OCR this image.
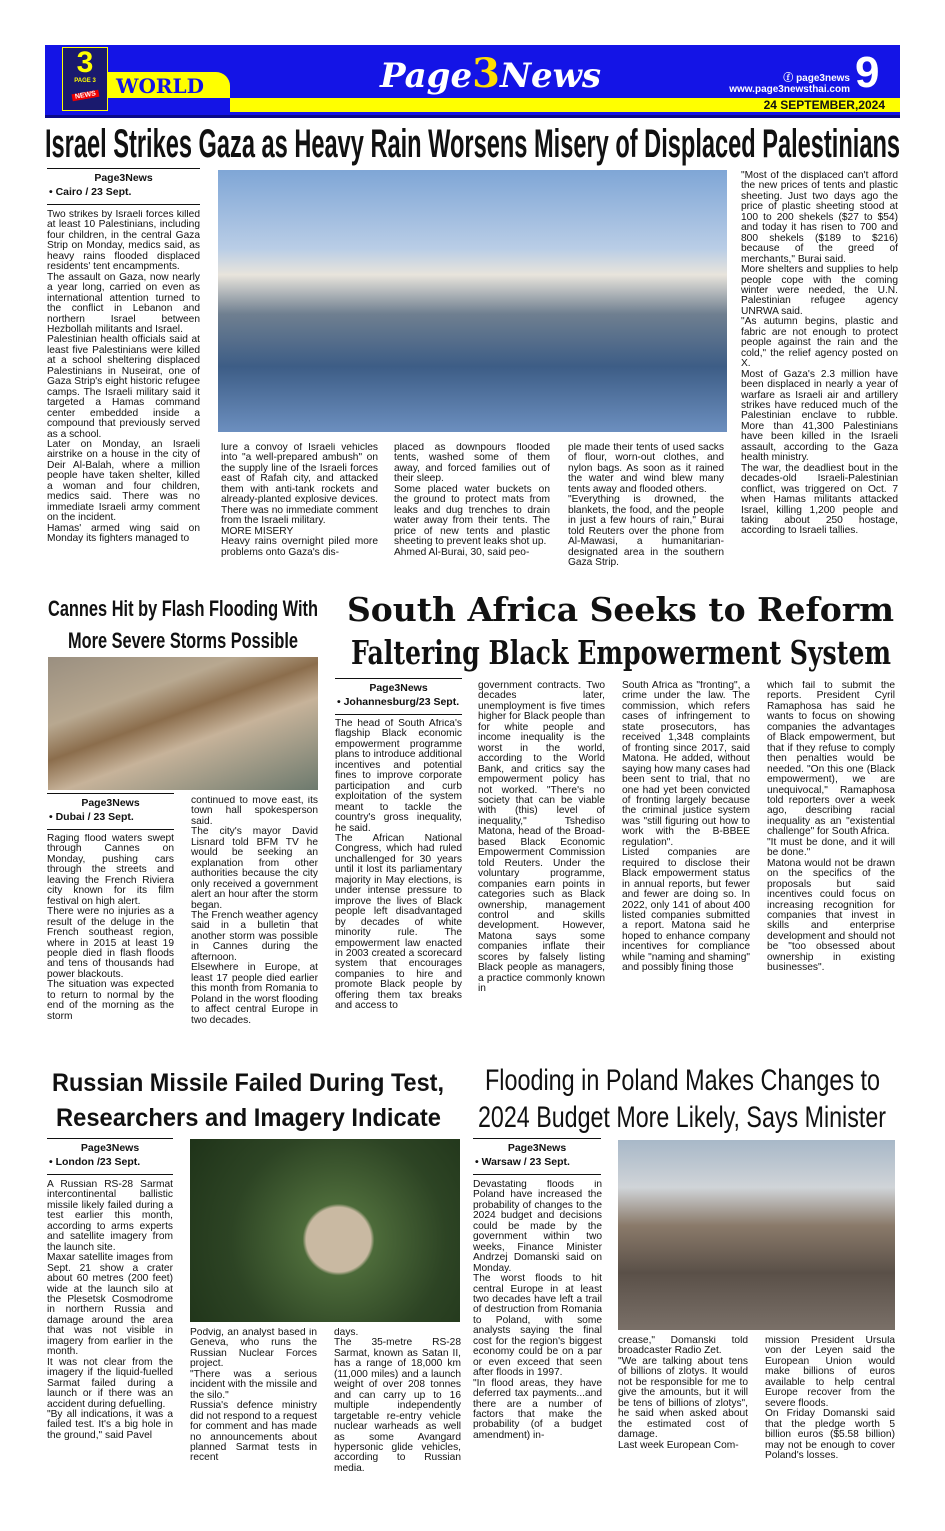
WORLD
3
PAGE 3
NEWS	Page3News	ⓕ page3news
www.page3newsthai.com 9
24 SEPTEMBER,2024
Israel Strikes Gaza as Heavy Rain Worsens Misery of Displaced Palestinians
Page3News
• Cairo / 23 Sept.

Two strikes by Israeli forces killed at least 10 Palestinians, including four children, in the central Gaza Strip on Monday, medics said, as heavy rains flooded displaced residents' tent encampments.

The assault on Gaza, now nearly a year long, carried on even as international attention turned to the conflict in Lebanon and northern Israel between Hezbollah militants and Israel.

Palestinian health officials said at least five Palestinians were killed at a school sheltering displaced Palestinians in Nuseirat, one of Gaza Strip's eight historic refugee camps. The Israeli military said it targeted a Hamas command center embedded inside a compound that previously served as a school.

Later on Monday, an Israeli airstrike on a house in the city of Deir Al-Balah, where a million people have taken shelter, killed a woman and four children, medics said. There was no immediate Israeli army comment on the incident.

Hamas' armed wing said on Monday its fighters managed to

lure a convoy of Israeli vehicles into "a well-prepared ambush" on the supply line of the Israeli forces east of Rafah city, and attacked them with anti-tank rockets and already-planted explosive devices. There was no immediate comment from the Israeli military.

MORE MISERY

Heavy rains overnight piled more problems onto Gaza's dis-

placed as downpours flooded tents, washed some of them away, and forced families out of their sleep.

Some placed water buckets on the ground to protect mats from leaks and dug trenches to drain water away from their tents. The price of new tents and plastic sheeting to prevent leaks shot up.

Ahmed Al-Burai, 30, said peo-

ple made their tents of used sacks of flour, worn-out clothes, and nylon bags. As soon as it rained the water and wind blew many tents away and flooded others.

"Everything is drowned, the blankets, the food, and the people in just a few hours of rain," Burai told Reuters over the phone from Al-Mawasi, a humanitarian-designated area in the southern Gaza Strip.

"Most of the displaced can't afford the new prices of tents and plastic sheeting. Just two days ago the price of plastic sheeting stood at 100 to 200 shekels ($27 to $54) and today it has risen to 700 and 800 shekels ($189 to $216) because of the greed of merchants," Burai said.

More shelters and supplies to help people cope with the coming winter were needed, the U.N. Palestinian refugee agency UNRWA said.

"As autumn begins, plastic and fabric are not enough to protect people against the rain and the cold," the relief agency posted on X.

Most of Gaza's 2.3 million have been displaced in nearly a year of warfare as Israeli air and artillery strikes have reduced much of the Palestinian enclave to rubble. More than 41,300 Palestinians have been killed in the Israeli assault, according to the Gaza health ministry.

The war, the deadliest bout in the decades-old Israeli-Palestinian conflict, was triggered on Oct. 7 when Hamas militants attacked Israel, killing 1,200 people and taking about 250 hostage, according to Israeli tallies.

Cannes Hit by Flash Flooding With
More Severe Storms Possible
Page3News
• Dubai / 23 Sept.

Raging flood waters swept through Cannes on Monday, pushing cars through the streets and leaving the French Riviera city known for its film festival on high alert.

There were no injuries as a result of the deluge in the French southeast region, where in 2015 at least 19 people died in flash floods and tens of thousands had power blackouts.

The situation was expected to return to normal by the end of the morning as the storm

continued to move east, its town hall spokesperson said.

The city's mayor David Lisnard told BFM TV he would be seeking an explanation from other authorities because the city only received a government alert an hour after the storm began.

The French weather agency said in a bulletin that another storm was possible in Cannes during the afternoon.

Elsewhere in Europe, at least 17 people died earlier this month from Romania to Poland in the worst flooding to affect central Europe in two decades.

South Africa Seeks to Reform
Faltering Black Empowerment System
Page3News
• Johannesburg/23 Sept.

The head of South Africa's flagship Black economic empowerment programme plans to introduce additional incentives and potential fines to improve corporate participation and curb exploitation of the system meant to tackle the country's gross inequality, he said.

The African National Congress, which had ruled unchallenged for 30 years until it lost its parliamentary majority in May elections, is under intense pressure to improve the lives of Black people left disadvantaged by decades of white minority rule. The empowerment law enacted in 2003 created a scorecard system that encourages companies to hire and promote Black people by offering them tax breaks and access to

government contracts. Two decades later, unemployment is five times higher for Black people than for white people and income inequality is the worst in the world, according to the World Bank, and critics say the empowerment policy has not worked. "There's no society that can be viable with (this) level of inequality," Tshediso Matona, head of the Broad-based Black Economic Empowerment Commission told Reuters. Under the voluntary programme, companies earn points in categories such as Black ownership, management control and skills development. However, Matona says some companies inflate their scores by falsely listing Black people as managers, a practice commonly known in

South Africa as "fronting", a crime under the law. The commission, which refers cases of infringement to state prosecutors, has received 1,348 complaints of fronting since 2017, said Matona. He added, without saying how many cases had been sent to trial, that no one had yet been convicted of fronting largely because the criminal justice system was "still figuring out how to work with the B-BBEE regulation".

Listed companies are required to disclose their Black empowerment status in annual reports, but fewer and fewer are doing so. In 2022, only 141 of about 400 listed companies submitted a report. Matona said he hoped to enhance company incentives for compliance while "naming and shaming" and possibly fining those

which fail to submit the reports. President Cyril Ramaphosa has said he wants to focus on showing companies the advantages of Black empowerment, but that if they refuse to comply then penalties would be needed. "On this one (Black empowerment), we are unequivocal," Ramaphosa told reporters over a week ago, describing racial inequality as an "existential challenge" for South Africa.

"It must be done, and it will be done."

Matona would not be drawn on the specifics of the proposals but said incentives could focus on increasing recognition for companies that invest in skills and enterprise development and should not be "too obsessed about ownership in existing businesses".

Russian Missile Failed During Test,
Researchers and Imagery Indicate
Page3News
• London /23 Sept.

A Russian RS-28 Sarmat intercontinental ballistic missile likely failed during a test earlier this month, according to arms experts and satellite imagery from the launch site.

Maxar satellite images from Sept. 21 show a crater about 60 metres (200 feet) wide at the launch silo at the Plesetsk Cosmodrome in northern Russia and damage around the area that was not visible in imagery from earlier in the month.

It was not clear from the imagery if the liquid-fuelled Sarmat failed during a launch or if there was an accident during defuelling.

"By all indications, it was a failed test. It's a big hole in the ground," said Pavel

Podvig, an analyst based in Geneva, who runs the Russian Nuclear Forces project.

"There was a serious incident with the missile and the silo."

Russia's defence ministry did not respond to a request for comment and has made no announcements about planned Sarmat tests in recent

days.

The 35-metre RS-28 Sarmat, known as Satan II, has a range of 18,000 km (11,000 miles) and a launch weight of over 208 tonnes and can carry up to 16 multiple independently targetable re-entry vehicle nuclear warheads as well as some Avangard hypersonic glide vehicles, according to Russian media.

Flooding in Poland Makes Changes to
2024 Budget More Likely, Says Minister
Page3News
• Warsaw / 23 Sept.

Devastating floods in Poland have increased the probability of changes to the 2024 budget and decisions could be made by the government within two weeks, Finance Minister Andrzej Domanski said on Monday.

The worst floods to hit central Europe in at least two decades have left a trail of destruction from Romania to Poland, with some analysts saying the final cost for the region's biggest economy could be on a par or even exceed that seen after floods in 1997.

"In flood areas, they have deferred tax payments...and there are a number of factors that make the probability (of a budget amendment) in-

crease," Domanski told broadcaster Radio Zet.

"We are talking about tens of billions of zlotys. It would not be responsible for me to give the amounts, but it will be tens of billions of zlotys", he said when asked about the estimated cost of damage.

Last week European Com-

mission President Ursula von der Leyen said the European Union would make billions of euros available to help central Europe recover from the severe floods.

On Friday Domanski said that the pledge worth 5 billion euros ($5.58 billion) may not be enough to cover Poland's losses.
